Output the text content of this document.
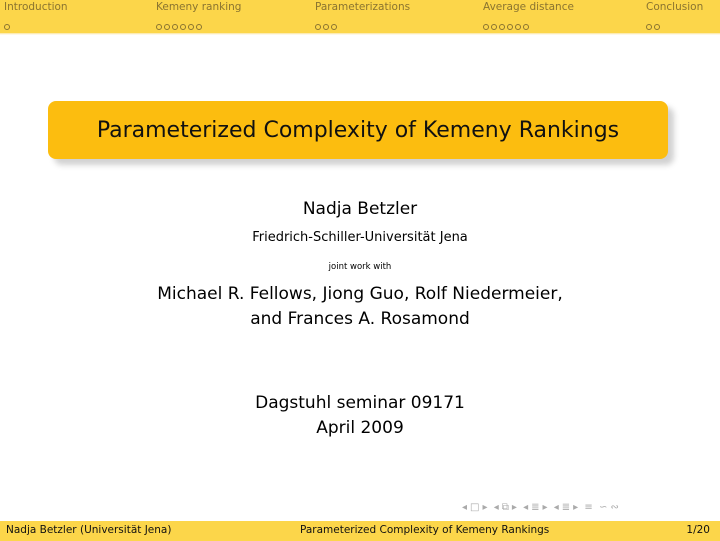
Introduction	Kemeny ranking	Parameterizations	Average distance	Conclusion
Parameterized Complexity of Kemeny Rankings
Nadja Betzler
Friedrich-Schiller-Universität Jena
joint work with
Michael R. Fellows, Jiong Guo, Rolf Niedermeier,
and Frances A. Rosamond
Dagstuhl seminar 09171
April 2009
◂ □ ▸ ◂ ⧉ ▸ ◂ ≣ ▸ ◂ ≣ ▸ ≡ ∽ ∾
Nadja Betzler (Universität Jena)	Parameterized Complexity of Kemeny Rankings	1/20
